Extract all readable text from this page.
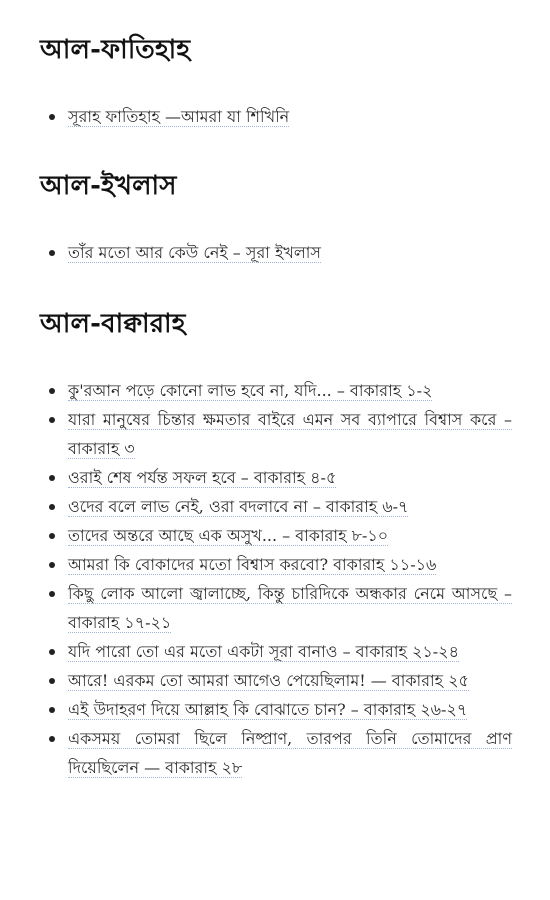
আল-ফাতিহাহ
সূরাহ ফাতিহাহ —আমরা যা শিখিনি
আল-ইখলাস
তাঁর মতো আর কেউ নেই – সূরা ইখলাস
আল-বাক্বারাহ
কু'রআন পড়ে কোনো লাভ হবে না, যদি... – বাকারাহ ১-২
যারা মানুষের চিন্তার ক্ষমতার বাইরে এমন সব ব্যাপারে বিশ্বাস করে – বাকারাহ ৩
ওরাই শেষ পর্যন্ত সফল হবে – বাকারাহ ৪-৫
ওদের বলে লাভ নেই, ওরা বদলাবে না – বাকারাহ ৬-৭
তাদের অন্তরে আছে এক অসুখ... – বাকারাহ ৮-১০
আমরা কি বোকাদের মতো বিশ্বাস করবো? বাকারাহ ১১-১৬
কিছু লোক আলো জ্বালাচ্ছে, কিন্তু চারিদিকে অন্ধকার নেমে আসছে – বাকারাহ ১৭-২১
যদি পারো তো এর মতো একটা সূরা বানাও – বাকারাহ ২১-২৪
আরে! এরকম তো আমরা আগেও পেয়েছিলাম! — বাকারাহ ২৫
এই উদাহরণ দিয়ে আল্লাহ কি বোঝাতে চান? – বাকারাহ ২৬-২৭
একসময় তোমরা ছিলে নিষ্প্রাণ, তারপর তিনি তোমাদের প্রাণ দিয়েছিলেন — বাকারাহ ২৮
